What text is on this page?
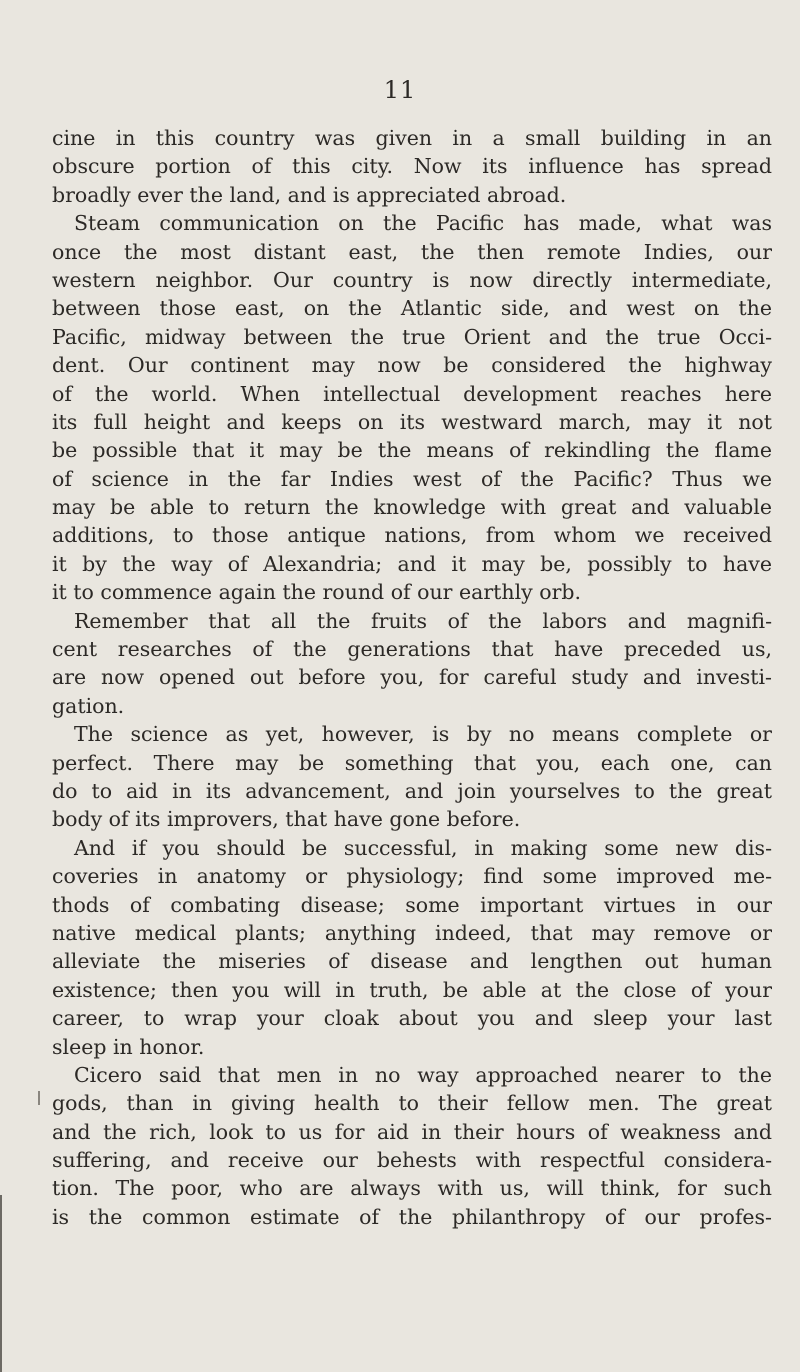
11
cine in this country was given in a small building in an
obscure portion of this city. Now its influence has spread
broadly ever the land, and is appreciated abroad.
Steam communication on the Pacific has made, what was
once the most distant east, the then remote Indies, our
western neighbor. Our country is now directly intermediate,
between those east, on the Atlantic side, and west on the
Pacific, midway between the true Orient and the true Occi-
dent. Our continent may now be considered the highway
of the world. When intellectual development reaches here
its full height and keeps on its westward march, may it not
be possible that it may be the means of rekindling the flame
of science in the far Indies west of the Pacific? Thus we
may be able to return the knowledge with great and valuable
additions, to those antique nations, from whom we received
it by the way of Alexandria; and it may be, possibly to have
it to commence again the round of our earthly orb.
Remember that all the fruits of the labors and magnifi-
cent researches of the generations that have preceded us,
are now opened out before you, for careful study and investi-
gation.
The science as yet, however, is by no means complete or
perfect. There may be something that you, each one, can
do to aid in its advancement, and join yourselves to the great
body of its improvers, that have gone before.
And if you should be successful, in making some new dis-
coveries in anatomy or physiology; find some improved me-
thods of combating disease; some important virtues in our
native medical plants; anything indeed, that may remove or
alleviate the miseries of disease and lengthen out human
existence; then you will in truth, be able at the close of your
career, to wrap your cloak about you and sleep your last
sleep in honor.
Cicero said that men in no way approached nearer to the
gods, than in giving health to their fellow men. The great
and the rich, look to us for aid in their hours of weakness and
suffering, and receive our behests with respectful considera-
tion. The poor, who are always with us, will think, for such
is the common estimate of the philanthropy of our profes-
